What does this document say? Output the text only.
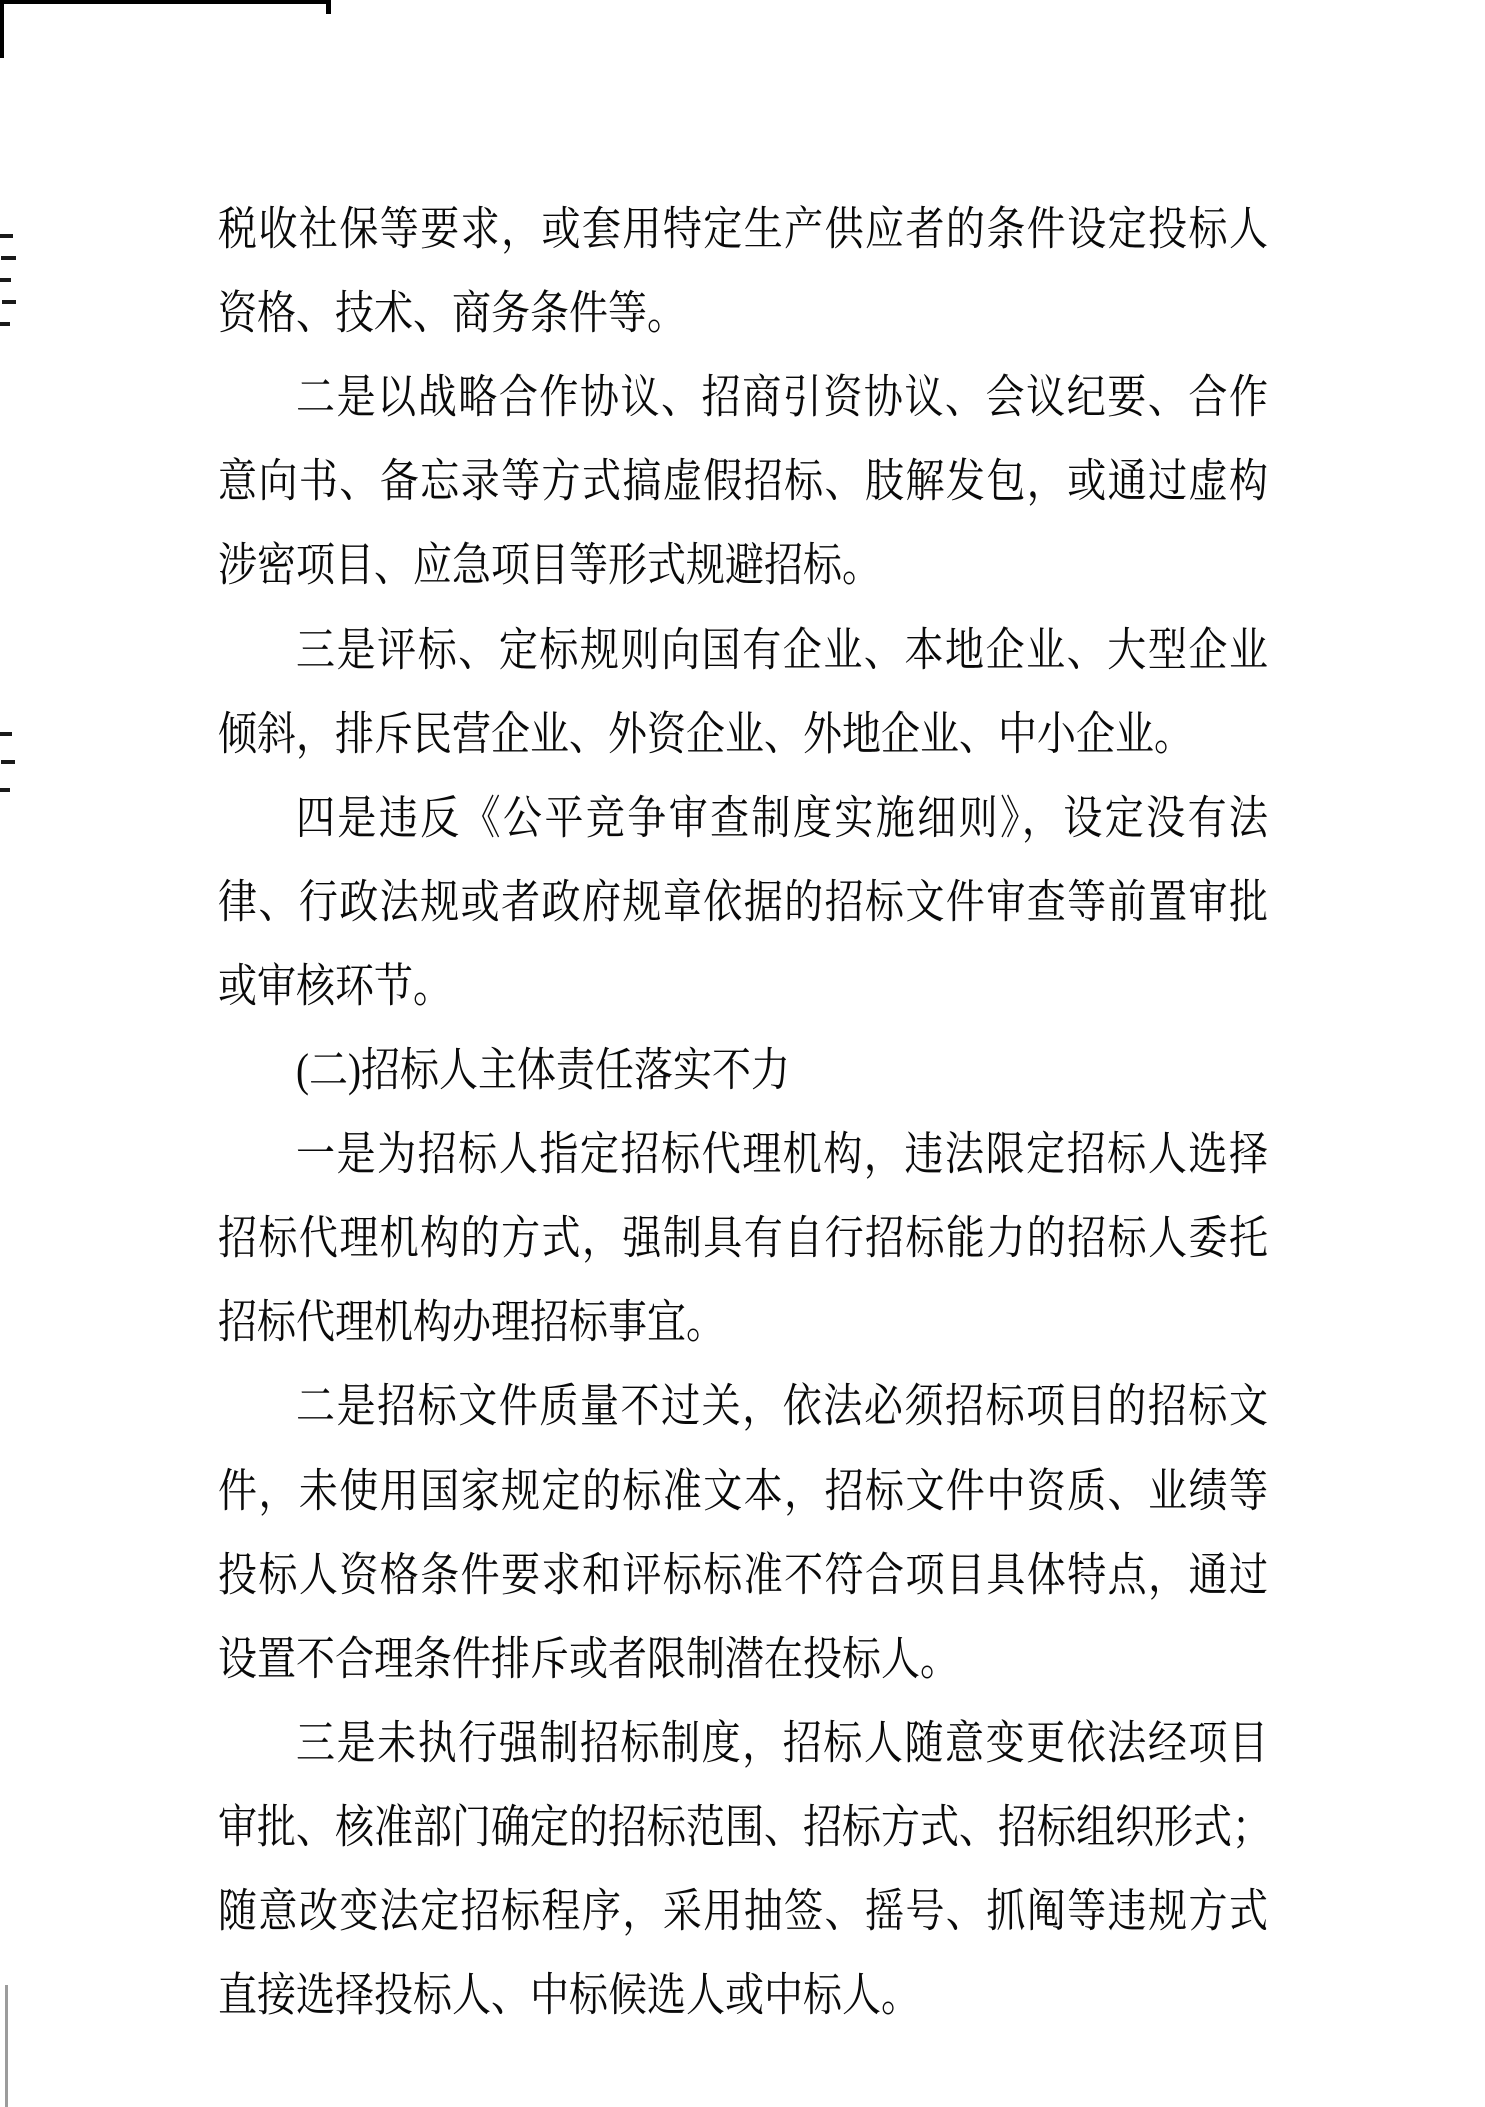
税收社保等要求，或套用特定生产供应者的条件设定投标人
资格、技术、商务条件等。
二是以战略合作协议、招商引资协议、会议纪要、合作
意向书、备忘录等方式搞虚假招标、肢解发包，或通过虚构
涉密项目、应急项目等形式规避招标。
三是评标、定标规则向国有企业、本地企业、大型企业
倾斜，排斥民营企业、外资企业、外地企业、中小企业。
四是违反《公平竞争审查制度实施细则》，设定没有法
律、行政法规或者政府规章依据的招标文件审查等前置审批
或审核环节。
(二)招标人主体责任落实不力
一是为招标人指定招标代理机构，违法限定招标人选择
招标代理机构的方式，强制具有自行招标能力的招标人委托
招标代理机构办理招标事宜。
二是招标文件质量不过关，依法必须招标项目的招标文
件，未使用国家规定的标准文本，招标文件中资质、业绩等
投标人资格条件要求和评标标准不符合项目具体特点，通过
设置不合理条件排斥或者限制潜在投标人。
三是未执行强制招标制度，招标人随意变更依法经项目
审批、核准部门确定的招标范围、招标方式、招标组织形式；
随意改变法定招标程序，采用抽签、摇号、抓阄等违规方式
直接选择投标人、中标候选人或中标人。
